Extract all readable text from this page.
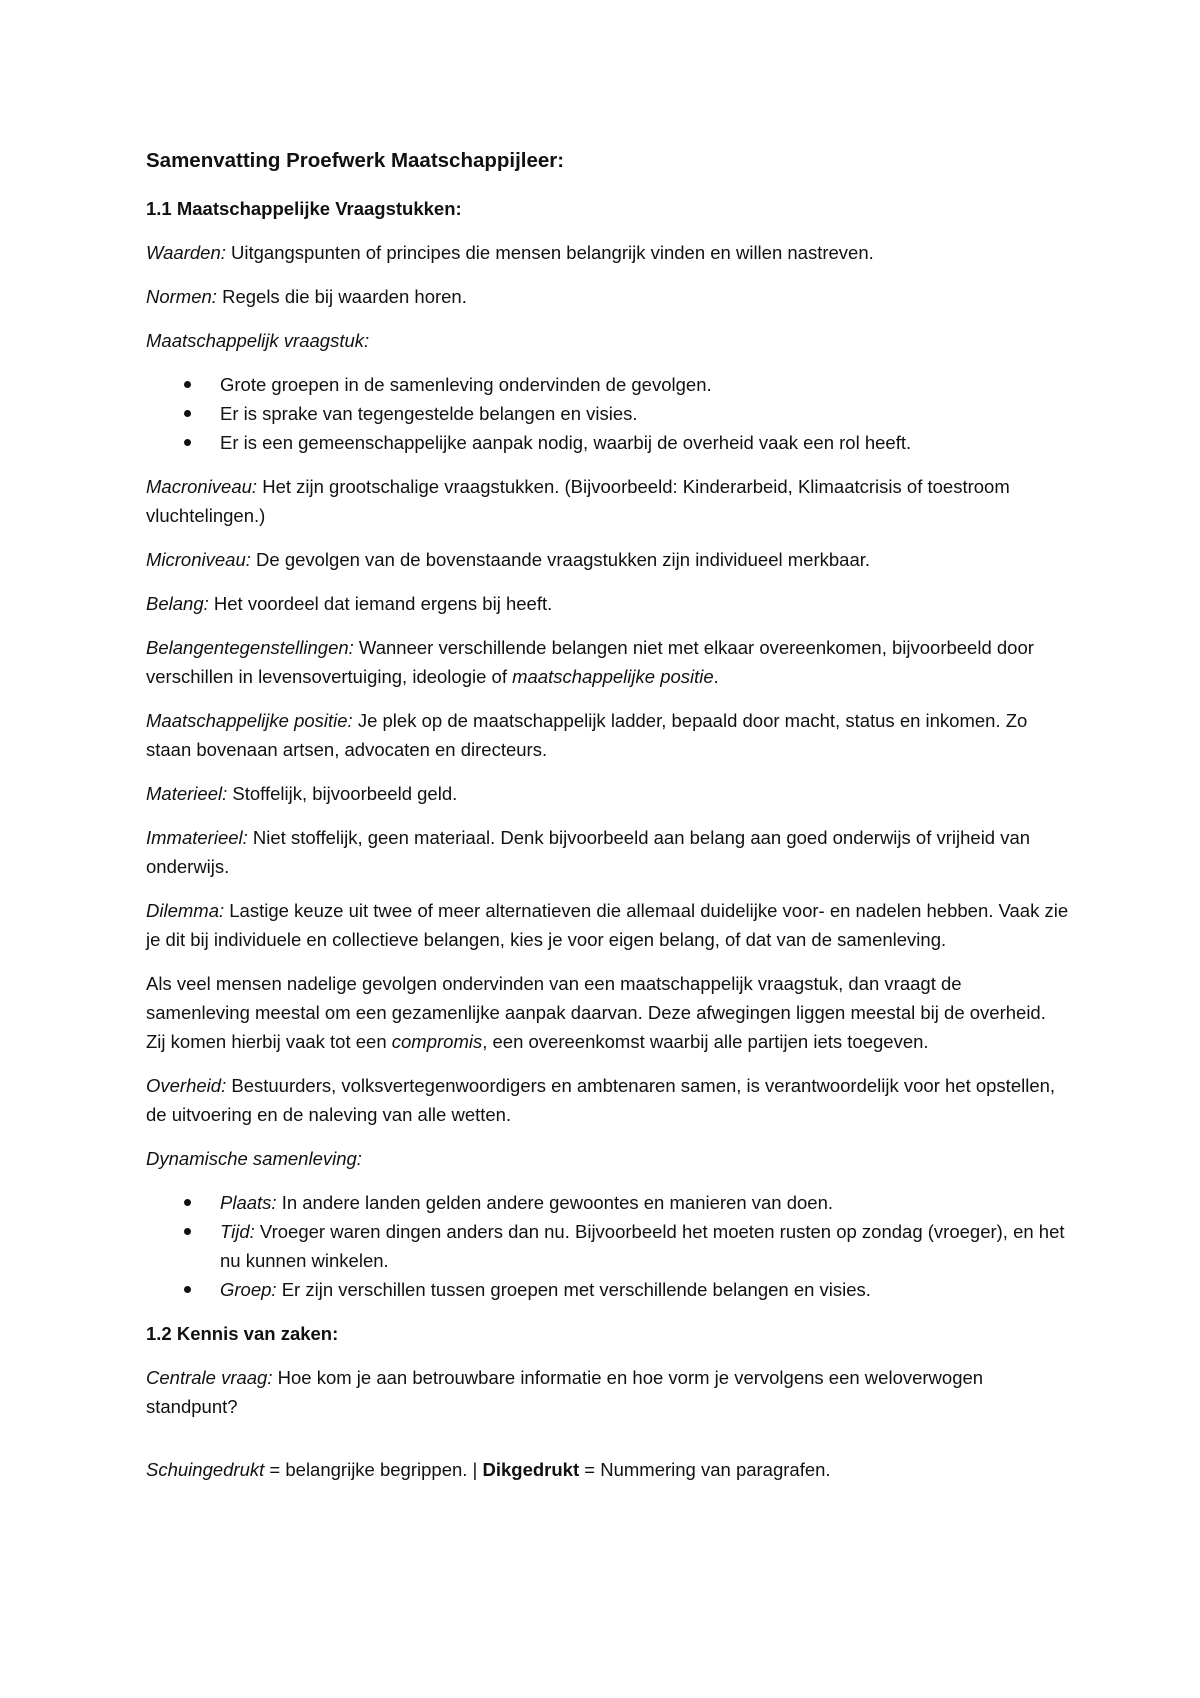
Samenvatting Proefwerk Maatschappijleer:
1.1 Maatschappelijke Vraagstukken:

Waarden: Uitgangspunten of principes die mensen belangrijk vinden en willen nastreven.

Normen: Regels die bij waarden horen.

Maatschappelijk vraagstuk:

Grote groepen in de samenleving ondervinden de gevolgen.
Er is sprake van tegengestelde belangen en visies.
Er is een gemeenschappelijke aanpak nodig, waarbij de overheid vaak een rol heeft.

Macroniveau: Het zijn grootschalige vraagstukken. (Bijvoorbeeld: Kinderarbeid, Klimaatcrisis of toestroom vluchtelingen.)

Microniveau: De gevolgen van de bovenstaande vraagstukken zijn individueel merkbaar.

Belang: Het voordeel dat iemand ergens bij heeft.

Belangentegenstellingen: Wanneer verschillende belangen niet met elkaar overeenkomen, bijvoorbeeld door verschillen in levensovertuiging, ideologie of maatschappelijke positie.

Maatschappelijke positie: Je plek op de maatschappelijk ladder, bepaald door macht, status en inkomen. Zo staan bovenaan artsen, advocaten en directeurs.

Materieel: Stoffelijk, bijvoorbeeld geld.

Immaterieel: Niet stoffelijk, geen materiaal. Denk bijvoorbeeld aan belang aan goed onderwijs of vrijheid van onderwijs.

Dilemma: Lastige keuze uit twee of meer alternatieven die allemaal duidelijke voor- en nadelen hebben. Vaak zie je dit bij individuele en collectieve belangen, kies je voor eigen belang, of dat van de samenleving.

Als veel mensen nadelige gevolgen ondervinden van een maatschappelijk vraagstuk, dan vraagt de samenleving meestal om een gezamenlijke aanpak daarvan. Deze afwegingen liggen meestal bij de overheid. Zij komen hierbij vaak tot een compromis, een overeenkomst waarbij alle partijen iets toegeven.

Overheid: Bestuurders, volksvertegenwoordigers en ambtenaren samen, is verantwoordelijk voor het opstellen, de uitvoering en de naleving van alle wetten.

Dynamische samenleving:

Plaats: In andere landen gelden andere gewoontes en manieren van doen.
Tijd: Vroeger waren dingen anders dan nu. Bijvoorbeeld het moeten rusten op zondag (vroeger), en het nu kunnen winkelen.
Groep: Er zijn verschillen tussen groepen met verschillende belangen en visies.
1.2 Kennis van zaken:

Centrale vraag: Hoe kom je aan betrouwbare informatie en hoe vorm je vervolgens een weloverwogen standpunt?

Schuingedrukt = belangrijke begrippen. | Dikgedrukt = Nummering van paragrafen.
